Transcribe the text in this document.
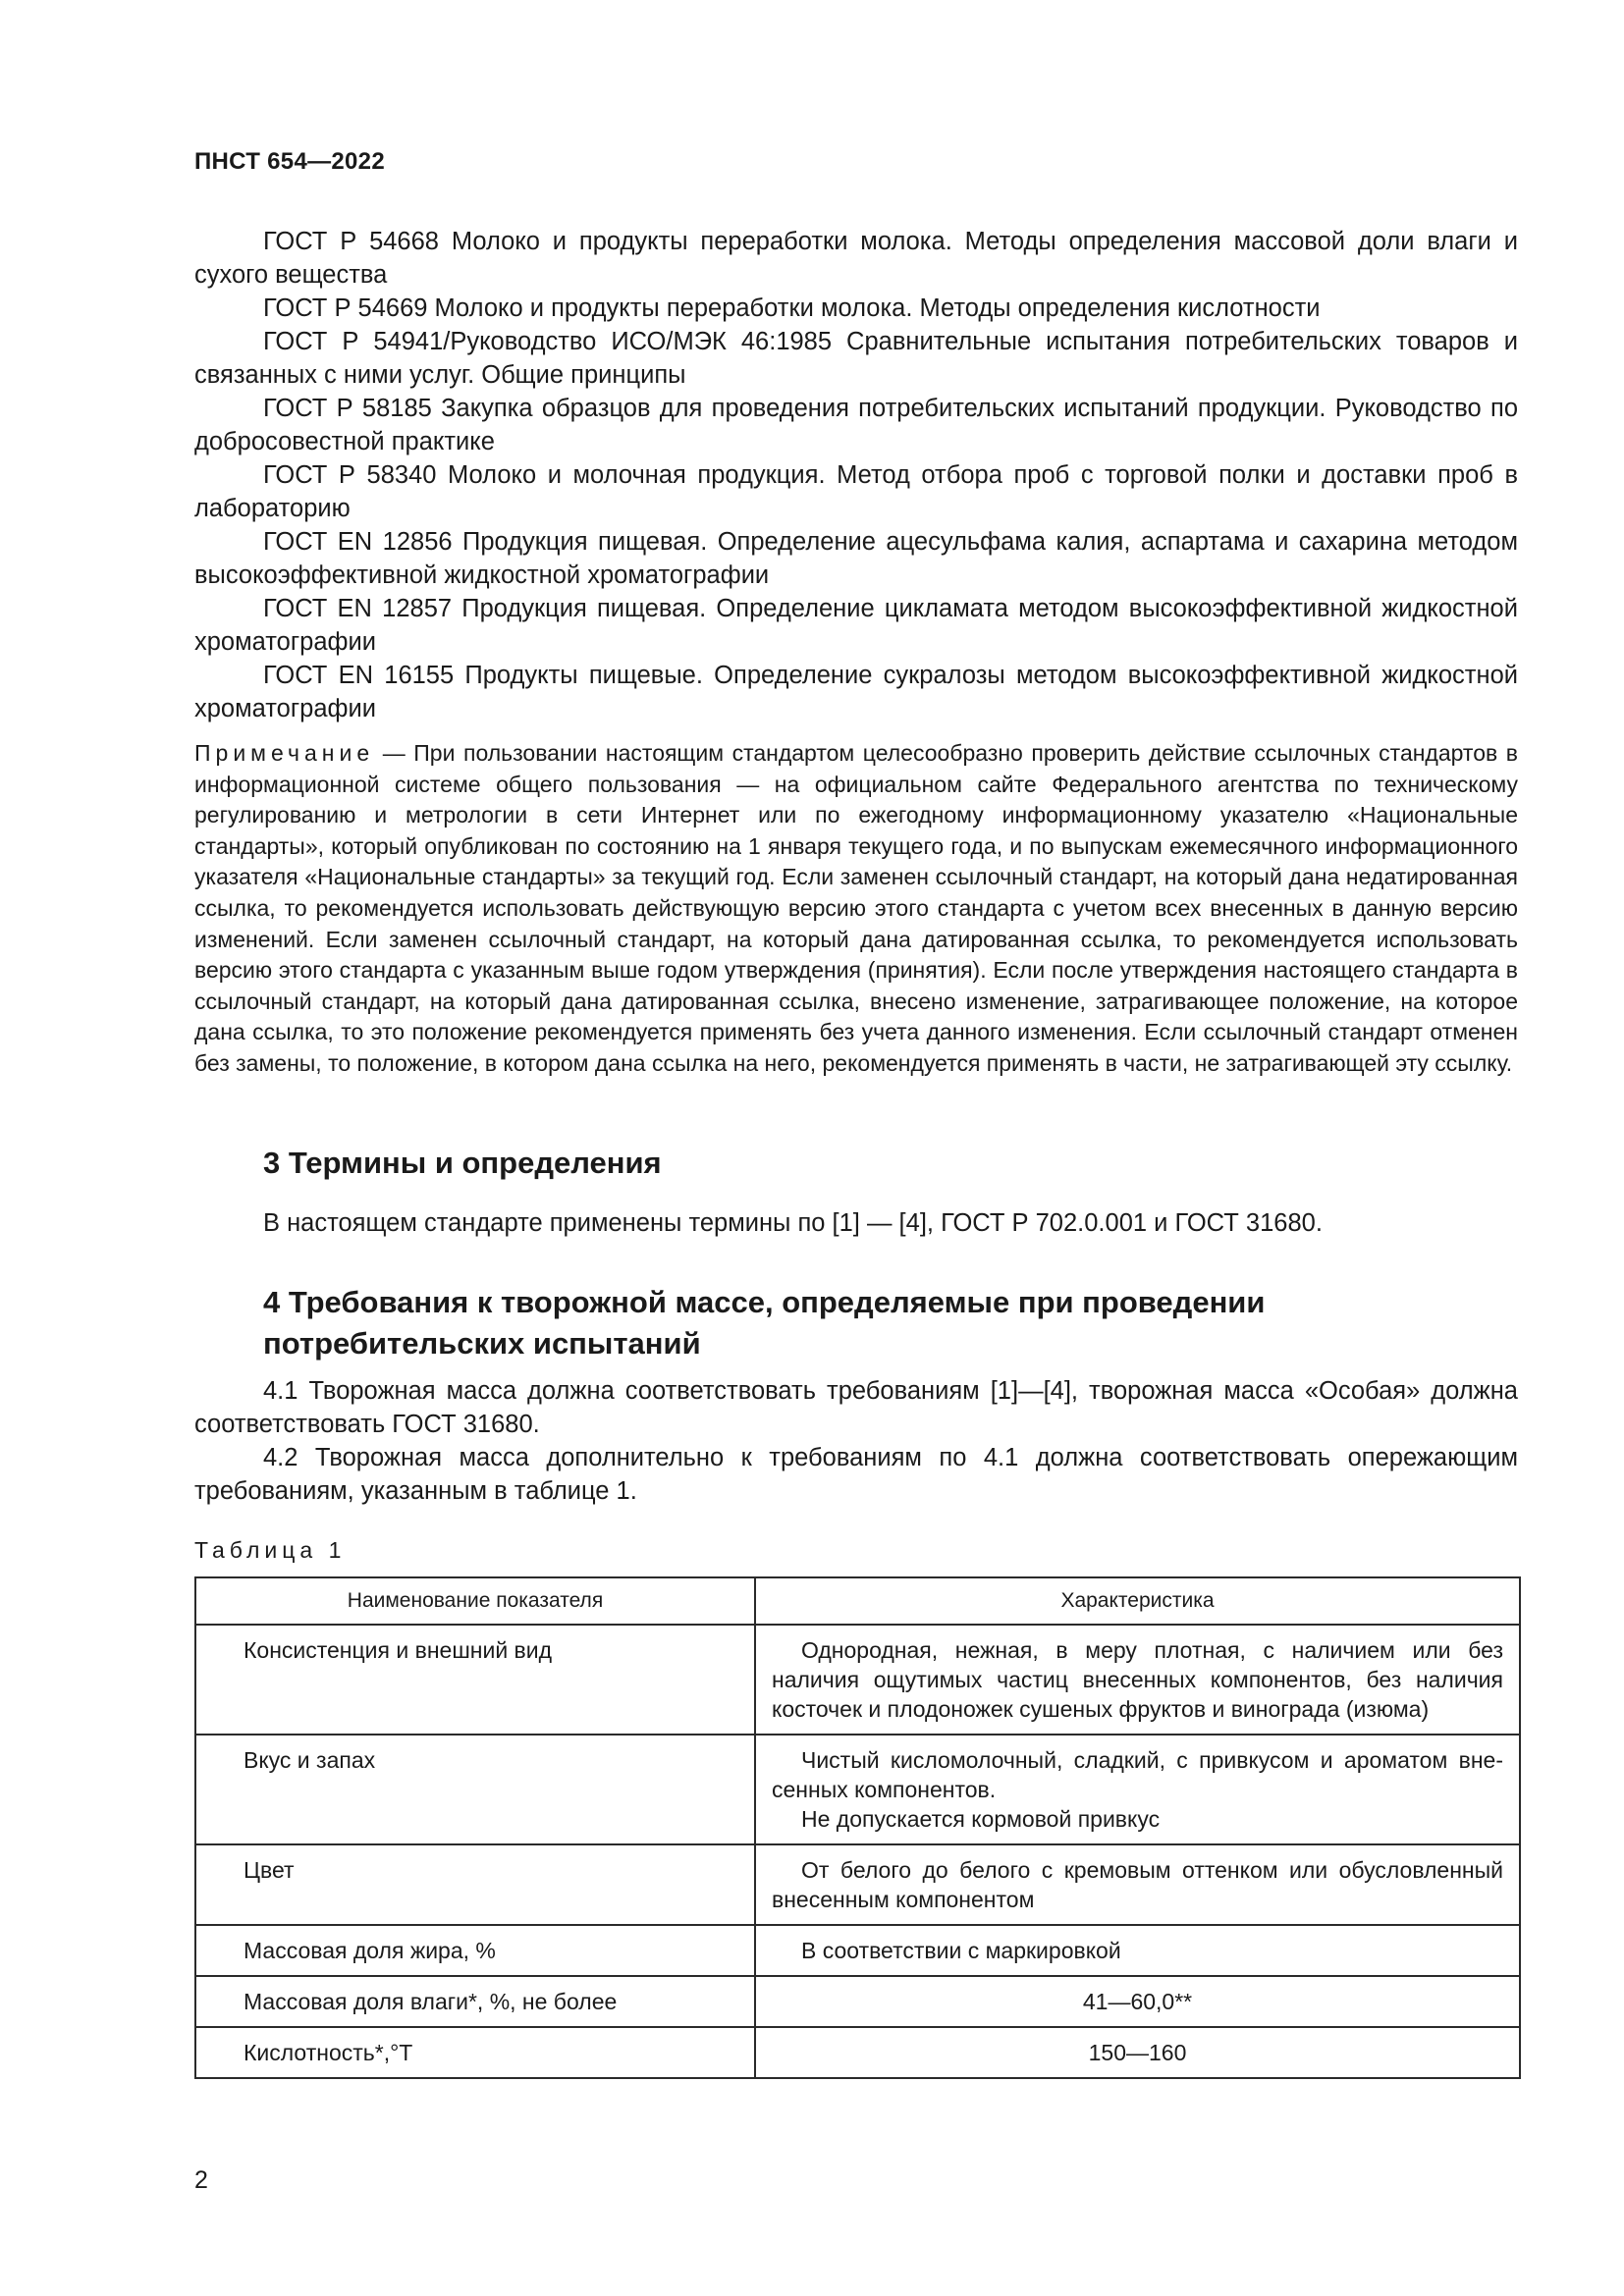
ПНСТ 654—2022

ГОСТ Р 54668 Молоко и продукты переработки молока. Методы определения массовой доли влаги и сухого вещества

ГОСТ Р 54669 Молоко и продукты переработки молока. Методы определения кислотности

ГОСТ Р 54941/Руководство ИСО/МЭК 46:1985 Сравнительные испытания потребительских товаров и связанных с ними услуг. Общие принципы

ГОСТ Р 58185 Закупка образцов для проведения потребительских испытаний продукции. Руководство по добросовестной практике

ГОСТ Р 58340 Молоко и молочная продукция. Метод отбора проб с торговой полки и доставки проб в лабораторию

ГОСТ EN 12856 Продукция пищевая. Определение ацесульфама калия, аспартама и сахарина методом высокоэффективной жидкостной хроматографии

ГОСТ EN 12857 Продукция пищевая. Определение цикламата методом высокоэффективной жидкостной хроматографии

ГОСТ EN 16155 Продукты пищевые. Определение сукралозы методом высокоэффективной жидкостной хроматографии

Примечание — При пользовании настоящим стандартом целесообразно проверить действие ссылочных стандартов в информационной системе общего пользования — на официальном сайте Федерального агентства по техническому регулированию и метрологии в сети Интернет или по ежегодному информационному указателю «Национальные стандарты», который опубликован по состоянию на 1 января текущего года, и по выпускам ежемесячного информационного указателя «Национальные стандарты» за текущий год. Если заменен ссылочный стандарт, на который дана недатированная ссылка, то рекомендуется использовать действующую версию этого стандарта с учетом всех внесенных в данную версию изменений. Если заменен ссылочный стандарт, на который дана датированная ссылка, то рекомендуется использовать версию этого стандарта с указанным выше годом утверждения (принятия). Если после утверждения настоящего стандарта в ссылочный стандарт, на который дана датированная ссылка, внесено изменение, затрагивающее положение, на которое дана ссылка, то это положение рекомендуется применять без учета данного изменения. Если ссылочный стандарт отменен без замены, то положение, в котором дана ссылка на него, рекомендуется применять в части, не затрагивающей эту ссылку.

3 Термины и определения

В настоящем стандарте применены термины по [1] — [4], ГОСТ Р 702.0.001 и ГОСТ 31680.

4 Требования к творожной массе, определяемые при проведении потребительских испытаний

4.1 Творожная масса должна соответствовать требованиям [1]—[4], творожная масса «Особая» должна соответствовать ГОСТ 31680.

4.2 Творожная масса дополнительно к требованиям по 4.1 должна соответствовать опережающим требованиям, указанным в таблице 1.

Таблица 1
Наименование показателя	Характеристика
Консистенция и внешний вид	Однородная, нежная, в меру плотная, с наличием или без наличия ощутимых частиц внесенных компонентов, без наличия косточек и плодоножек сушеных фруктов и винограда (изюма)

Вкус и запах	Чистый кисломолочный, сладкий, с привкусом и ароматом внесенных компонентов.

Не допускается кормовой привкус

Цвет	От белого до белого с кремовым оттенком или обусловленный внесенным компонентом

Массовая доля жира, %	В соответствии с маркировкой

Массовая доля влаги*, %, не более	41—60,0**
Кислотность*,°Т	150—160
2
